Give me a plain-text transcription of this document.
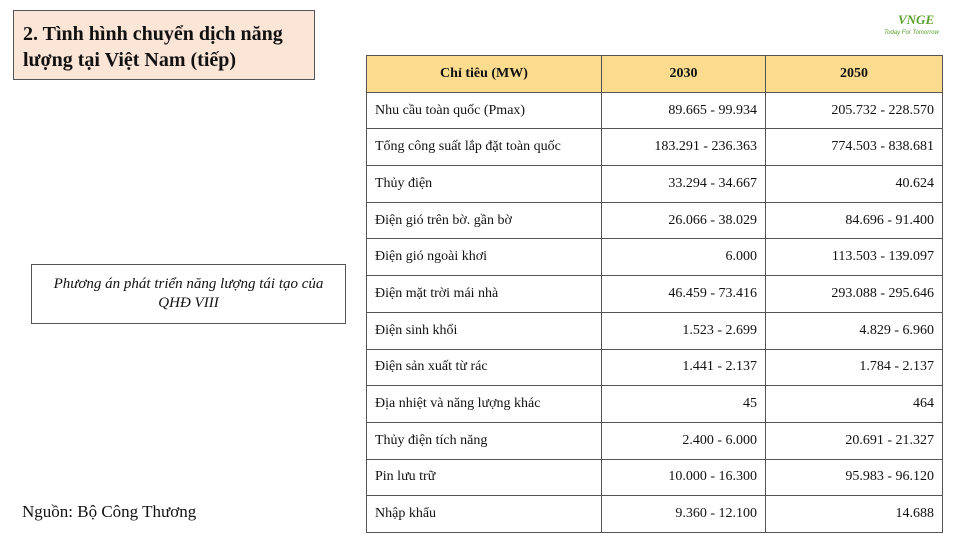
2. Tình hình chuyển dịch năng
lượng tại Việt Nam (tiếp)
VNGE
Today For Tomorrow
Phương án phát triển năng lượng tái tạo của
QHĐ VIII
Nguồn: Bộ Công Thương
Chỉ tiêu (MW)	2030	2050
Nhu cầu toàn quốc (Pmax)	89.665 - 99.934	205.732 - 228.570
Tổng công suất lắp đặt toàn quốc	183.291 - 236.363	774.503 - 838.681
Thủy điện	33.294 - 34.667	40.624
Điện gió trên bờ. gần bờ	26.066 - 38.029	84.696 - 91.400
Điện gió ngoài khơi	6.000	113.503 - 139.097
Điện mặt trời mái nhà	46.459 - 73.416	293.088 - 295.646
Điện sinh khối	1.523 - 2.699	4.829 - 6.960
Điện sản xuất từ rác	1.441 - 2.137	1.784 - 2.137
Địa nhiệt và năng lượng khác	45	464
Thủy điện tích năng	2.400 - 6.000	20.691 - 21.327
Pin lưu trữ	10.000 - 16.300	95.983 - 96.120
Nhập khẩu	9.360 - 12.100	14.688
